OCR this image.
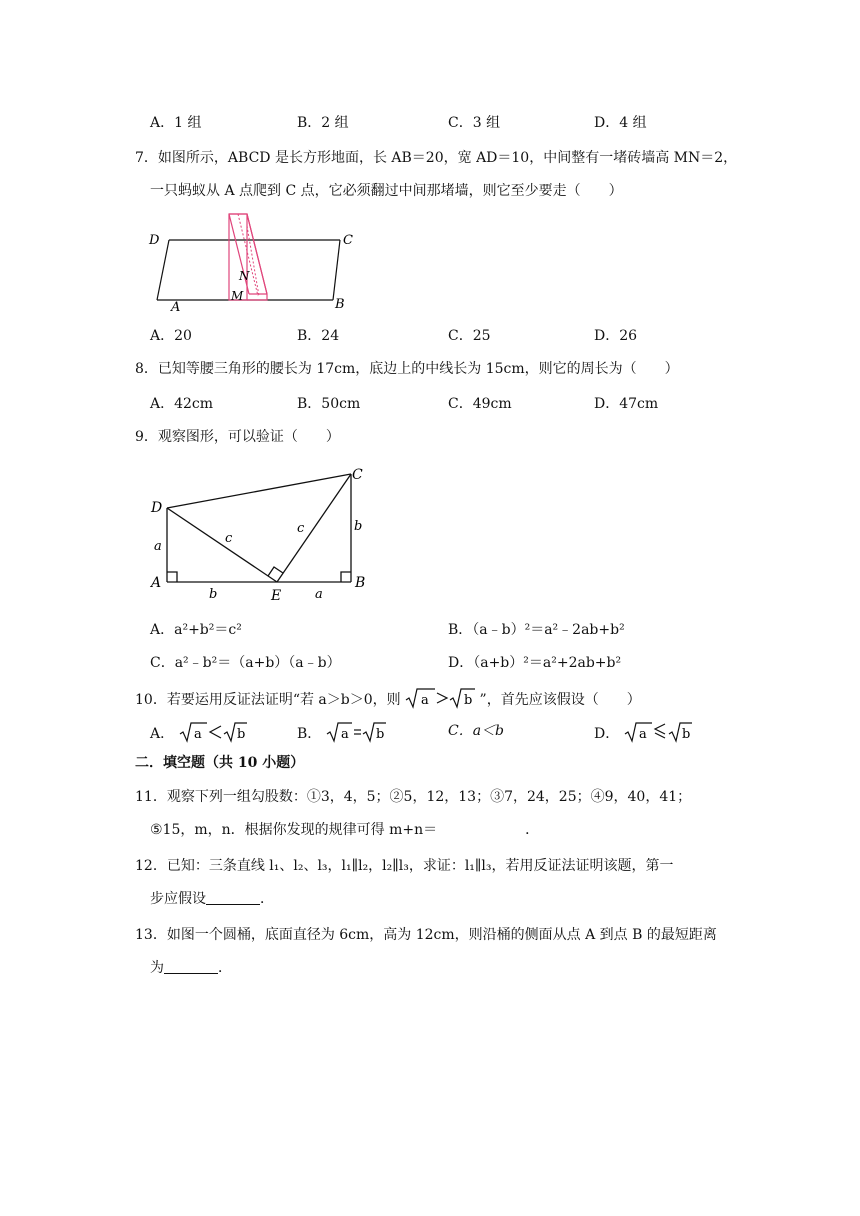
A．1 组	B．2 组	C．3 组	D．4 组
7．如图所示，ABCD 是长方形地面，长 AB＝20，宽 AD＝10，中间整有一堵砖墙高 MN＝2，
一只蚂蚁从 A 点爬到 C 点，它必须翻过中间那堵墙，则它至少要走（　　）
D	C
A	B
N
M
A．20	B．24	C．25	D．26
8．已知等腰三角形的腰长为 17cm，底边上的中线长为 15cm，则它的周长为（　　）
A．42cm	B．50cm	C．49cm	D．47cm
9．观察图形，可以验证（　　）
C
D
c
c	b
a
A
b	E	a
B
A．a²+b²＝c²	B．（a﹣b）²＝a²﹣2ab+b²
C．a²﹣b²＝（a+b）（a﹣b）	D．（a+b）²＝a²+2ab+b²
10．若要运用反证法证明“若 a＞b＞0，则 a	b ”，首先应该假设（　　）
A． a	b	B． a b	C．a＜b	D． a	b
二．填空题（共 10 小题）
11．观察下列一组勾股数：①3，4，5；②5，12，13；③7，24，25；④9，40，41；
⑤15，m，n．根据你发现的规律可得 m+n＝	．
12．已知：三条直线 l₁、l₂、l₃，l₁∥l₂，l₂∥l₃，求证：l₁∥l₃，若用反证法证明该题，第一
步应假设	．
13．如图一个圆桶，底面直径为 6cm，高为 12cm，则沿桶的侧面从点 A 到点 B 的最短距离
为	．
